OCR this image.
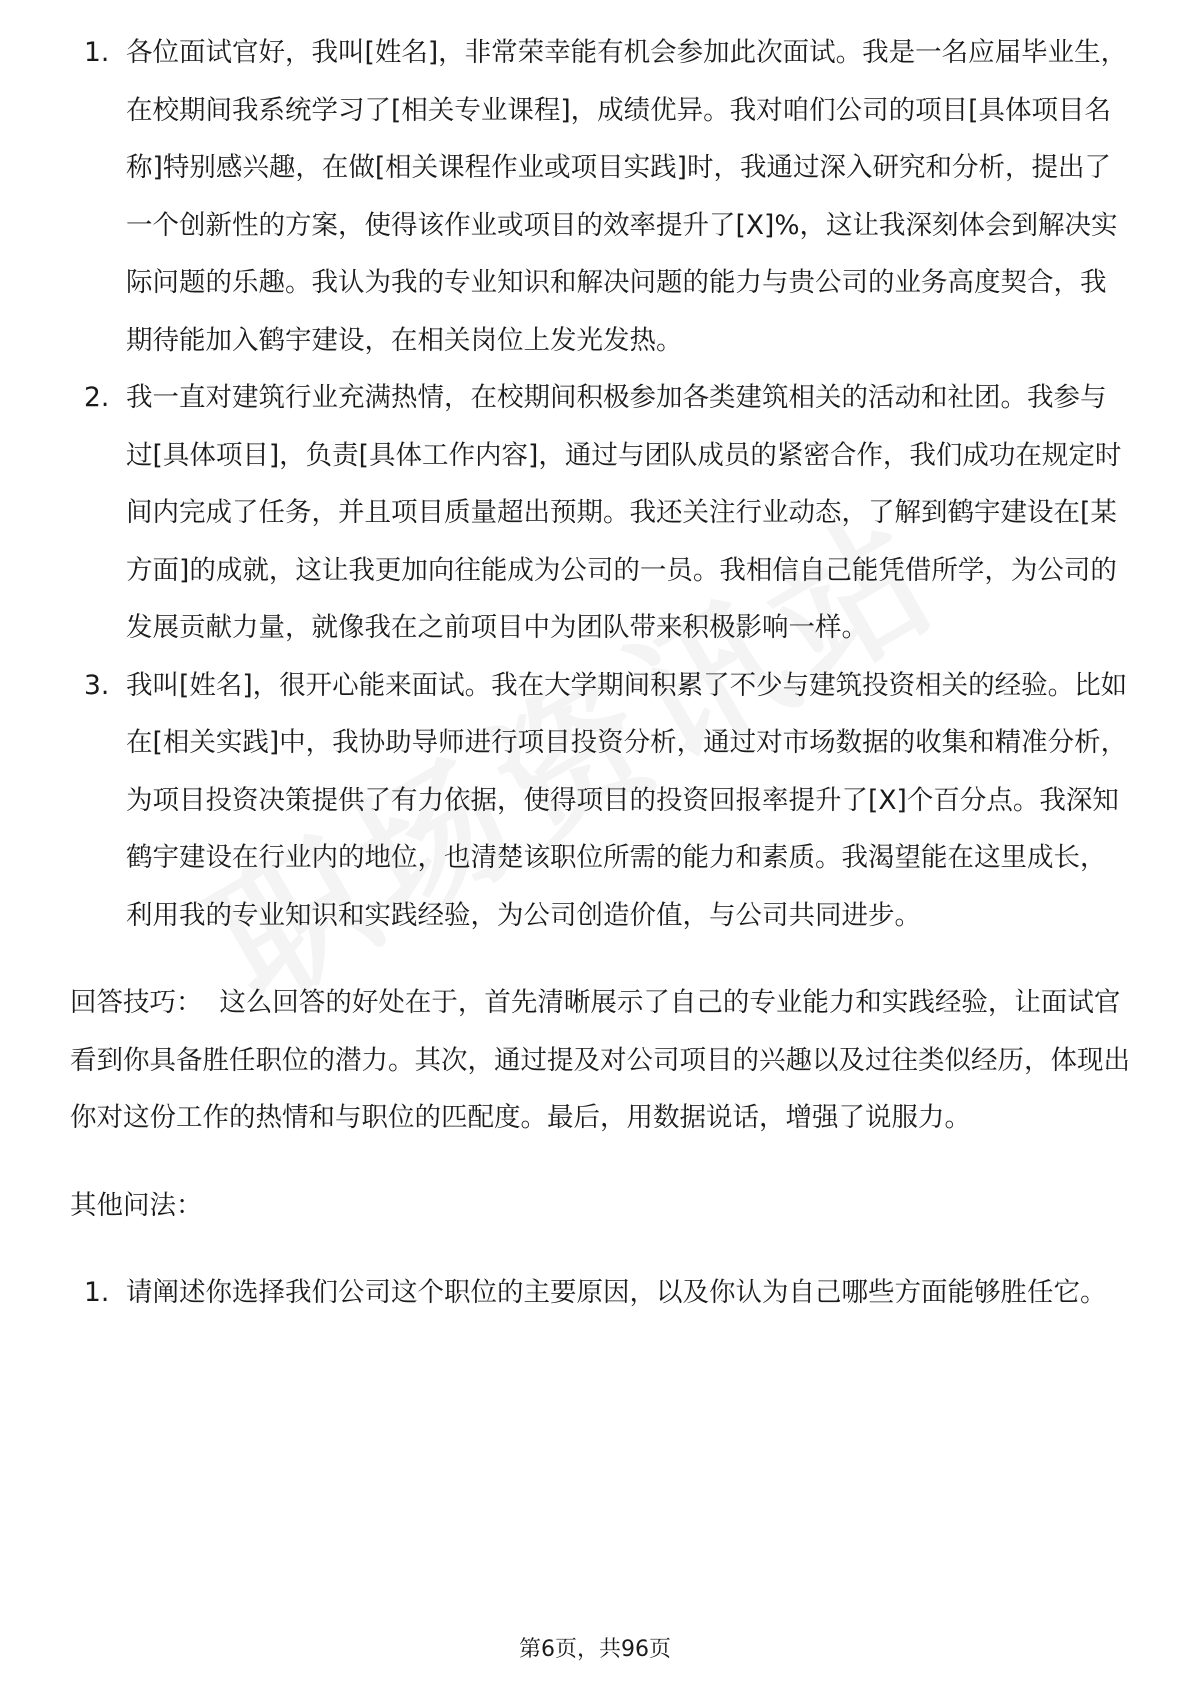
1. 各位面试官好，我叫[姓名]，非常荣幸能有机会参加此次面试。我是一名应届毕业生，在校期间我系统学习了[相关专业课程]，成绩优异。我对咱们公司的项目[具体项目名称]特别感兴趣，在做[相关课程作业或项目实践]时，我通过深入研究和分析，提出了一个创新性的方案，使得该作业或项目的效率提升了[X]%，这让我深刻体会到解决实际问题的乐趣。我认为我的专业知识和解决问题的能力与贵公司的业务高度契合，我期待能加入鹤宇建设，在相关岗位上发光发热。
2. 我一直对建筑行业充满热情，在校期间积极参加各类建筑相关的活动和社团。我参与过[具体项目]，负责[具体工作内容]，通过与团队成员的紧密合作，我们成功在规定时间内完成了任务，并且项目质量超出预期。我还关注行业动态，了解到鹤宇建设在[某方面]的成就，这让我更加向往能成为公司的一员。我相信自己能凭借所学，为公司的发展贡献力量，就像我在之前项目中为团队带来积极影响一样。
3. 我叫[姓名]，很开心能来面试。我在大学期间积累了不少与建筑投资相关的经验。比如在[相关实践]中，我协助导师进行项目投资分析，通过对市场数据的收集和精准分析，为项目投资决策提供了有力依据，使得项目的投资回报率提升了[X]个百分点。我深知鹤宇建设在行业内的地位，也清楚该职位所需的能力和素质。我渴望能在这里成长，利用我的专业知识和实践经验，为公司创造价值，与公司共同进步。

回答技巧： 这么回答的好处在于，首先清晰展示了自己的专业能力和实践经验，让面试官看到你具备胜任职位的潜力。其次，通过提及对公司项目的兴趣以及过往类似经历，体现出你对这份工作的热情和与职位的匹配度。最后，用数据说话，增强了说服力。

其他问法：

1. 请阐述你选择我们公司这个职位的主要原因，以及你认为自己哪些方面能够胜任它。
第6页，共96页
